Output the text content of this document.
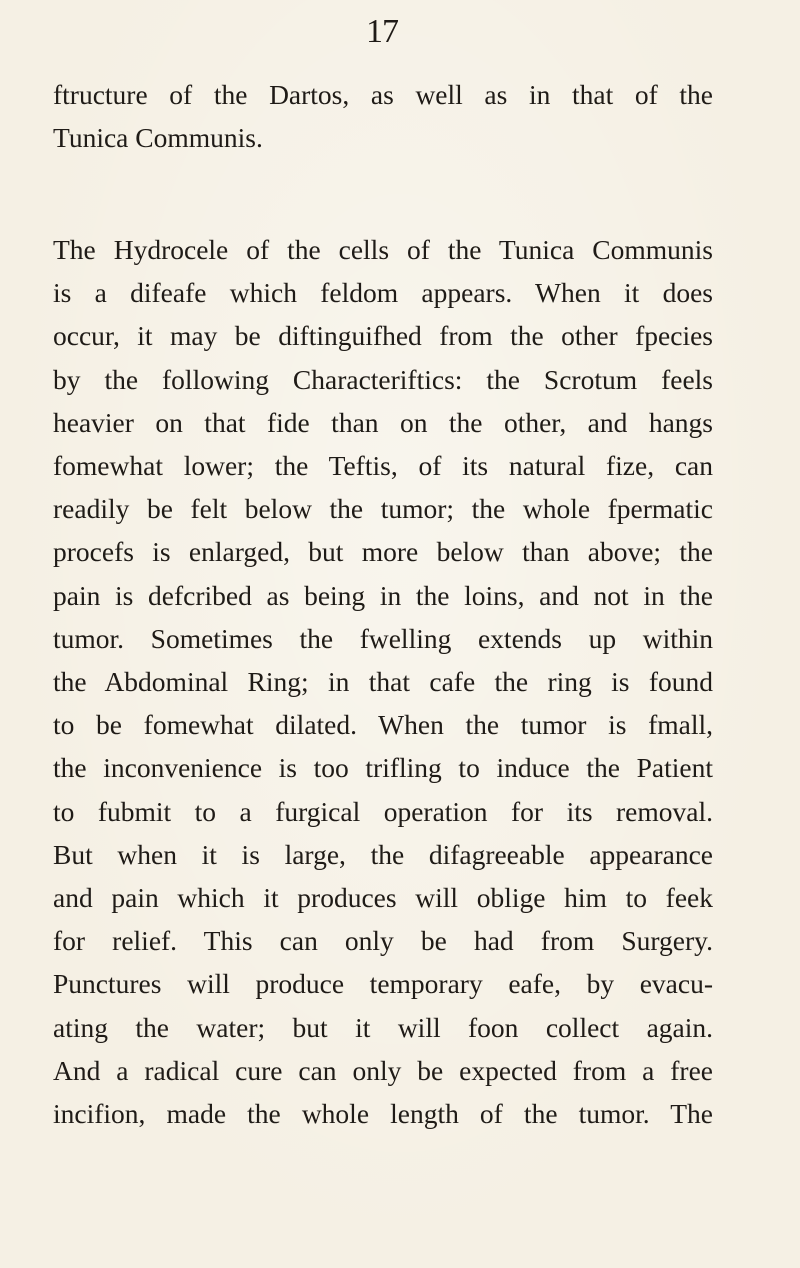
17
ftructure of the Dartos, as well as in that of the
Tunica Communis.
The Hydrocele of the cells of the Tunica Communis
is a difeafe which feldom appears. When it does
occur, it may be diftinguifhed from the other fpecies
by the following Characteriftics: the Scrotum feels
heavier on that fide than on the other, and hangs
fomewhat lower; the Teftis, of its natural fize, can
readily be felt below the tumor; the whole fpermatic
procefs is enlarged, but more below than above; the
pain is defcribed as being in the loins, and not in the
tumor. Sometimes the fwelling extends up within
the Abdominal Ring; in that cafe the ring is found
to be fomewhat dilated. When the tumor is fmall,
the inconvenience is too trifling to induce the Patient
to fubmit to a furgical operation for its removal.
But when it is large, the difagreeable appearance
and pain which it produces will oblige him to feek
for relief. This can only be had from Surgery.
Punctures will produce temporary eafe, by evacu-
ating the water; but it will foon collect again.
And a radical cure can only be expected from a free
incifion, made the whole length of the tumor. The
